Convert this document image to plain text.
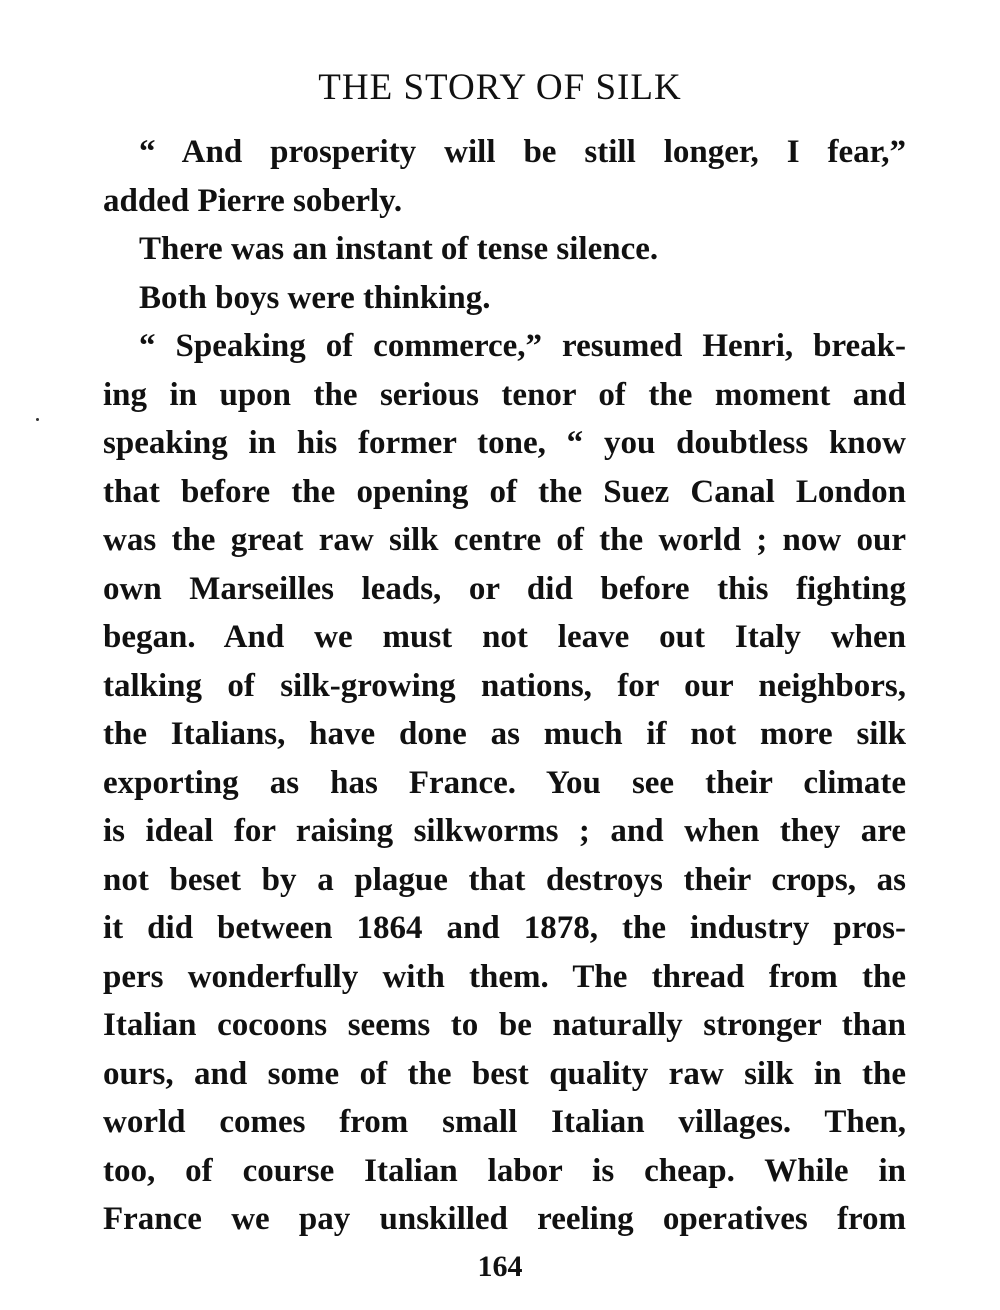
THE STORY OF SILK
“ And prosperity will be still longer, I fear,”
added Pierre soberly.
There was an instant of tense silence.
Both boys were thinking.
“ Speaking of commerce,” resumed Henri, break-
ing in upon the serious tenor of the moment and
speaking in his former tone, “ you doubtless know
that before the opening of the Suez Canal London
was the great raw silk centre of the world ; now our
own Marseilles leads, or did before this fighting
began. And we must not leave out Italy when
talking of silk-growing nations, for our neighbors,
the Italians, have done as much if not more silk
exporting as has France. You see their climate
is ideal for raising silkworms ; and when they are
not beset by a plague that destroys their crops, as
it did between 1864 and 1878, the industry pros-
pers wonderfully with them. The thread from the
Italian cocoons seems to be naturally stronger than
ours, and some of the best quality raw silk in the
world comes from small Italian villages. Then,
too, of course Italian labor is cheap. While in
France we pay unskilled reeling operatives from
164
